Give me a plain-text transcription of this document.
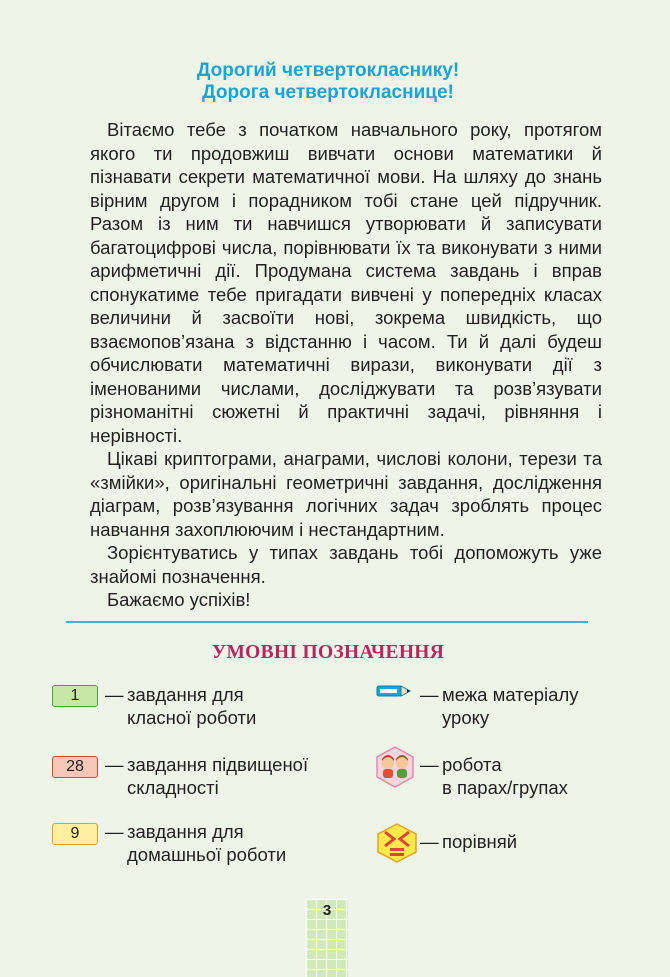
Дорогий четвертокласнику!
Дорога четвертокласнице!

Вітаємо тебе з початком навчального року, протягом якого ти продовжиш вивчати основи математики й пізнавати секрети математичної мови. На шляху до знань вірним другом і порадником тобі стане цей підручник. Разом із ним ти навчишся утворювати й записувати багатоцифрові числа, порівнювати їх та виконувати з ними арифметичні дії. Продумана система завдань і вправ спонукатиме тебе пригадати вивчені у попередніх класах величини й засвоїти нові, зокрема швидкість, що взаємопов’язана з відстанню і часом. Ти й далі будеш обчислювати математичні вирази, виконувати дії з іменованими числами, досліджувати та розв’язувати різноманітні сюжетні й практичні задачі, рівняння і нерівності.

Цікаві криптограми, анаграми, числові колони, терези та «змійки», оригінальні геометричні завдання, дослідження діаграм, розв’язування логічних задач зроблять процес навчання захоплюючим і нестандартним.

Зорієнтуватись у типах завдань тобі допоможуть уже знайомі позначення.

Бажаємо успіхів!

УМОВНІ ПОЗНАЧЕННЯ
1	— завдання для
класної роботи
28	— завдання підвищеної
складності
9	— завдання для
домашньої роботи
— межа матеріалу
уроку
— робота
в парах/групах
— порівняй
3
